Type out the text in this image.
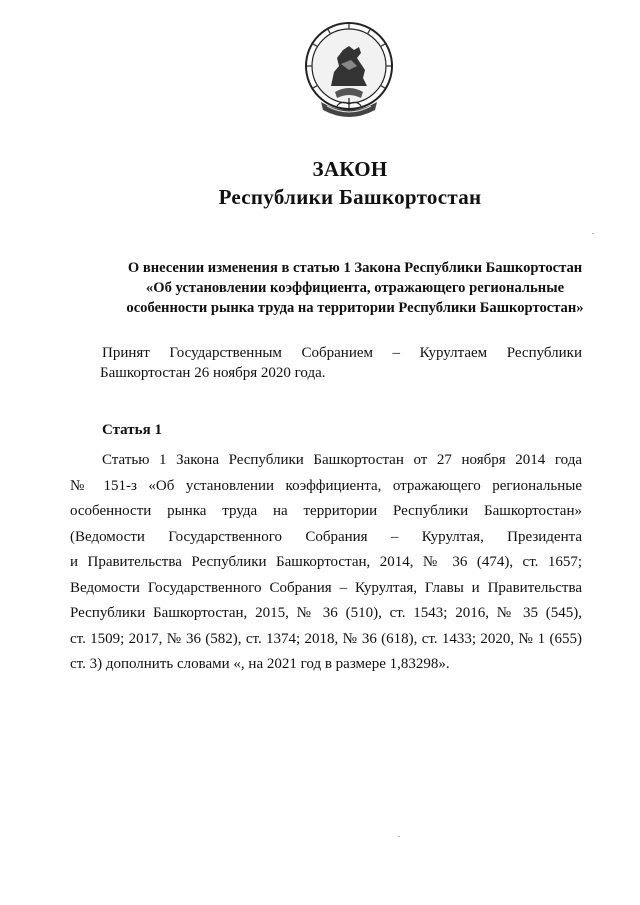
ЗАКОН
Республики Башкортостан
О внесении изменения в статью 1 Закона Республики Башкортостан
«Об установлении коэффициента, отражающего региональные
особенности рынка труда на территории Республики Башкортостан»
Принят Государственным Собранием – Курултаем Республики
Башкортостан 26 ноября 2020 года.
Статья 1
Статью 1 Закона Республики Башкортостан от 27 ноября 2014 года
№ 151-з «Об установлении коэффициента, отражающего региональные
особенности рынка труда на территории Республики Башкортостан»
(Ведомости Государственного Собрания – Курултая, Президента
и Правительства Республики Башкортостан, 2014, № 36 (474), ст. 1657;
Ведомости Государственного Собрания – Курултая, Главы и Правительства
Республики Башкортостан, 2015, № 36 (510), ст. 1543; 2016, № 35 (545),
ст. 1509; 2017, № 36 (582), ст. 1374; 2018, № 36 (618), ст. 1433; 2020, № 1 (655)
ст. 3) дополнить словами «, на 2021 год в размере 1,83298».
